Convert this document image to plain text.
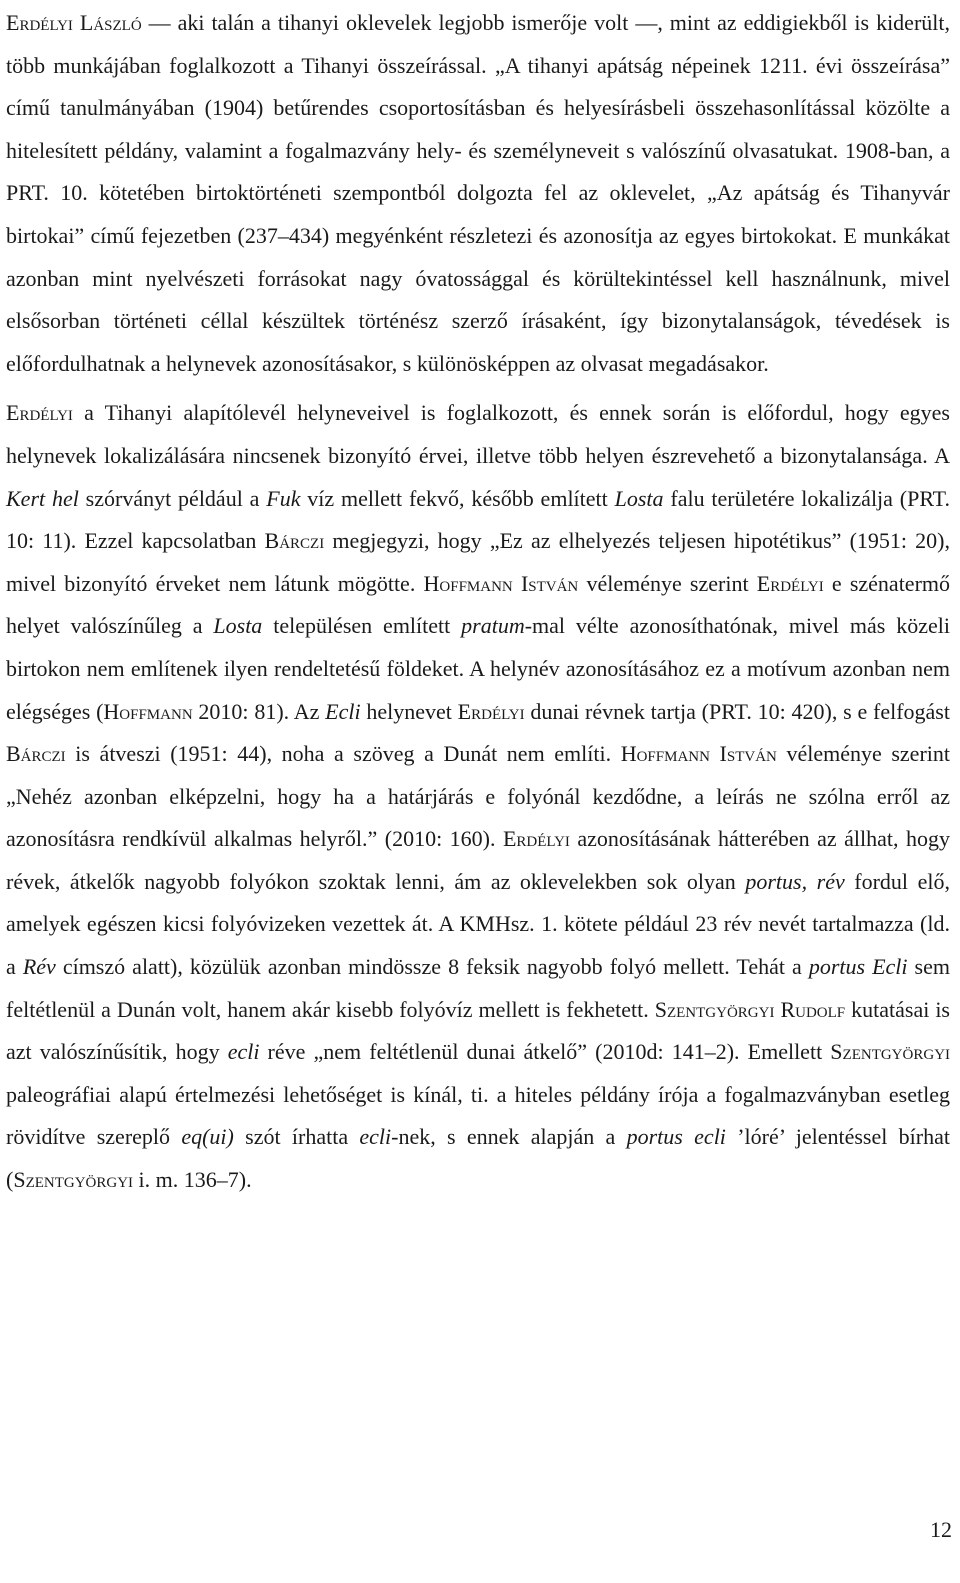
Erdélyi László — aki talán a tihanyi oklevelek legjobb ismerője volt —, mint az eddigiekből is kiderült, több munkájában foglalkozott a Tihanyi összeírással. „A tihanyi apátság népeinek 1211. évi összeírása” című tanulmányában (1904) betűrendes csoportosításban és helyesírásbeli összehasonlítással közölte a hitelesített példány, valamint a fogalmazvány hely- és személyneveit s valószínű olvasatukat. 1908-ban, a PRT. 10. kötetében birtoktörténeti szempontból dolgozta fel az oklevelet, „Az apátság és Tihanyvár birtokai” című fejezetben (237–434) megyénként részletezi és azonosítja az egyes birtokokat. E munkákat azonban mint nyelvészeti forrásokat nagy óvatossággal és körültekintéssel kell használnunk, mivel elsősorban történeti céllal készültek történész szerző írásaként, így bizonytalanságok, tévedések is előfordulhatnak a helynevek azonosításakor, s különösképpen az olvasat megadásakor.

Erdélyi a Tihanyi alapítólevél helyneveivel is foglalkozott, és ennek során is előfordul, hogy egyes helynevek lokalizálására nincsenek bizonyító érvei, illetve több helyen észrevehető a bizonytalansága. A Kert hel szórványt például a Fuk víz mellett fekvő, később említett Losta falu területére lokalizálja (PRT. 10: 11). Ezzel kapcsolatban Bárczi megjegyzi, hogy „Ez az elhelyezés teljesen hipotétikus” (1951: 20), mivel bizonyító érveket nem látunk mögötte. Hoffmann István véleménye szerint Erdélyi e szénatermő helyet valószínűleg a Losta településen említett pratum-mal vélte azonosíthatónak, mivel más közeli birtokon nem említenek ilyen rendeltetésű földeket. A helynév azonosításához ez a motívum azonban nem elégséges (Hoffmann 2010: 81). Az Ecli helynevet Erdélyi dunai révnek tartja (PRT. 10: 420), s e felfogást Bárczi is átveszi (1951: 44), noha a szöveg a Dunát nem említi. Hoffmann István véleménye szerint „Nehéz azonban elképzelni, hogy ha a határjárás e folyónál kezdődne, a leírás ne szólna erről az azonosításra rendkívül alkalmas helyről.” (2010: 160). Erdélyi azonosításának hátterében az állhat, hogy révek, átkelők nagyobb folyókon szoktak lenni, ám az oklevelekben sok olyan portus, rév fordul elő, amelyek egészen kicsi folyóvizeken vezettek át. A KMHsz. 1. kötete például 23 rév nevét tartalmazza (ld. a Rév címszó alatt), közülük azonban mindössze 8 feksik nagyobb folyó mellett. Tehát a portus Ecli sem feltétlenül a Dunán volt, hanem akár kisebb folyóvíz mellett is fekhetett. Szentgyörgyi Rudolf kutatásai is azt valószínűsítik, hogy ecli réve „nem feltétlenül dunai átkelő” (2010d: 141–2). Emellett Szentgyörgyi paleográfiai alapú értelmezési lehetőséget is kínál, ti. a hiteles példány írója a fogalmazványban esetleg rövidítve szereplő eq(ui) szót írhatta ecli-nek, s ennek alapján a portus ecli ’lóré’ jelentéssel bírhat (Szentgyörgyi i. m. 136–7).

12
